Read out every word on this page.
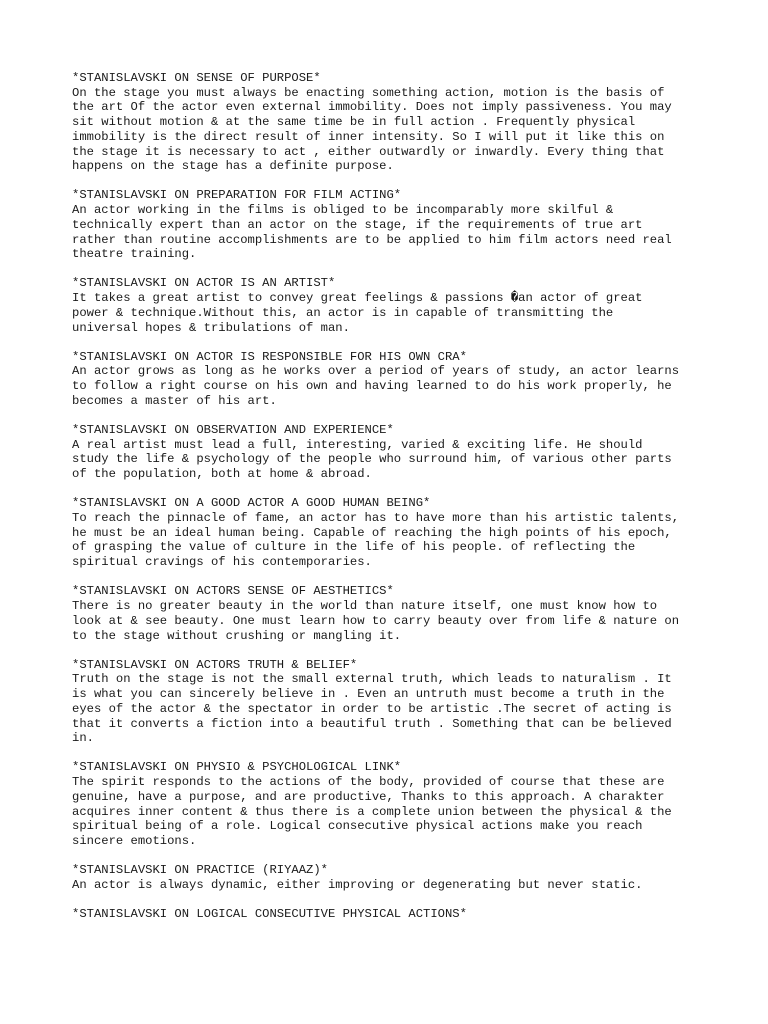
*STANISLAVSKI ON SENSE OF PURPOSE*

On the stage you must always be enacting something action, motion is the basis of
the art Of the actor even external immobility. Does not imply passiveness. You may
sit without motion & at the same time be in full action . Frequently physical
immobility is the direct result of inner intensity. So I will put it like this on
the stage it is necessary to act , either outwardly or inwardly. Every thing that
happens on the stage has a definite purpose.

*STANISLAVSKI ON PREPARATION FOR FILM ACTING*

An actor working in the films is obliged to be incomparably more skilful &
technically expert than an actor on the stage, if the requirements of true art
rather than routine accomplishments are to be applied to him film actors need real
theatre training.

*STANISLAVSKI ON ACTOR IS AN ARTIST*

It takes a great artist to convey great feelings & passions �an actor of great
power & technique.Without this, an actor is in capable of transmitting the
universal hopes & tribulations of man.

*STANISLAVSKI ON ACTOR IS RESPONSIBLE FOR HIS OWN CRA*

An actor grows as long as he works over a period of years of study, an actor learns
to follow a right course on his own and having learned to do his work properly, he
becomes a master of his art.

*STANISLAVSKI ON OBSERVATION AND EXPERIENCE*

A real artist must lead a full, interesting, varied & exciting life. He should
study the life & psychology of the people who surround him, of various other parts
of the population, both at home & abroad.

*STANISLAVSKI ON A GOOD ACTOR A GOOD HUMAN BEING*

To reach the pinnacle of fame, an actor has to have more than his artistic talents,
he must be an ideal human being. Capable of reaching the high points of his epoch,
of grasping the value of culture in the life of his people. of reflecting the
spiritual cravings of his contemporaries.

*STANISLAVSKI ON ACTORS SENSE OF AESTHETICS*

There is no greater beauty in the world than nature itself, one must know how to
look at & see beauty. One must learn how to carry beauty over from life & nature on
to the stage without crushing or mangling it.

*STANISLAVSKI ON ACTORS TRUTH & BELIEF*

Truth on the stage is not the small external truth, which leads to naturalism . It
is what you can sincerely believe in . Even an untruth must become a truth in the
eyes of the actor & the spectator in order to be artistic .The secret of acting is
that it converts a fiction into a beautiful truth . Something that can be believed
in.

*STANISLAVSKI ON PHYSIO & PSYCHOLOGICAL LINK*

The spirit responds to the actions of the body, provided of course that these are
genuine, have a purpose, and are productive, Thanks to this approach. A charakter
acquires inner content & thus there is a complete union between the physical & the
spiritual being of a role. Logical consecutive physical actions make you reach
sincere emotions.

*STANISLAVSKI ON PRACTICE (RIYAAZ)*

An actor is always dynamic, either improving or degenerating but never static.

*STANISLAVSKI ON LOGICAL CONSECUTIVE PHYSICAL ACTIONS*
